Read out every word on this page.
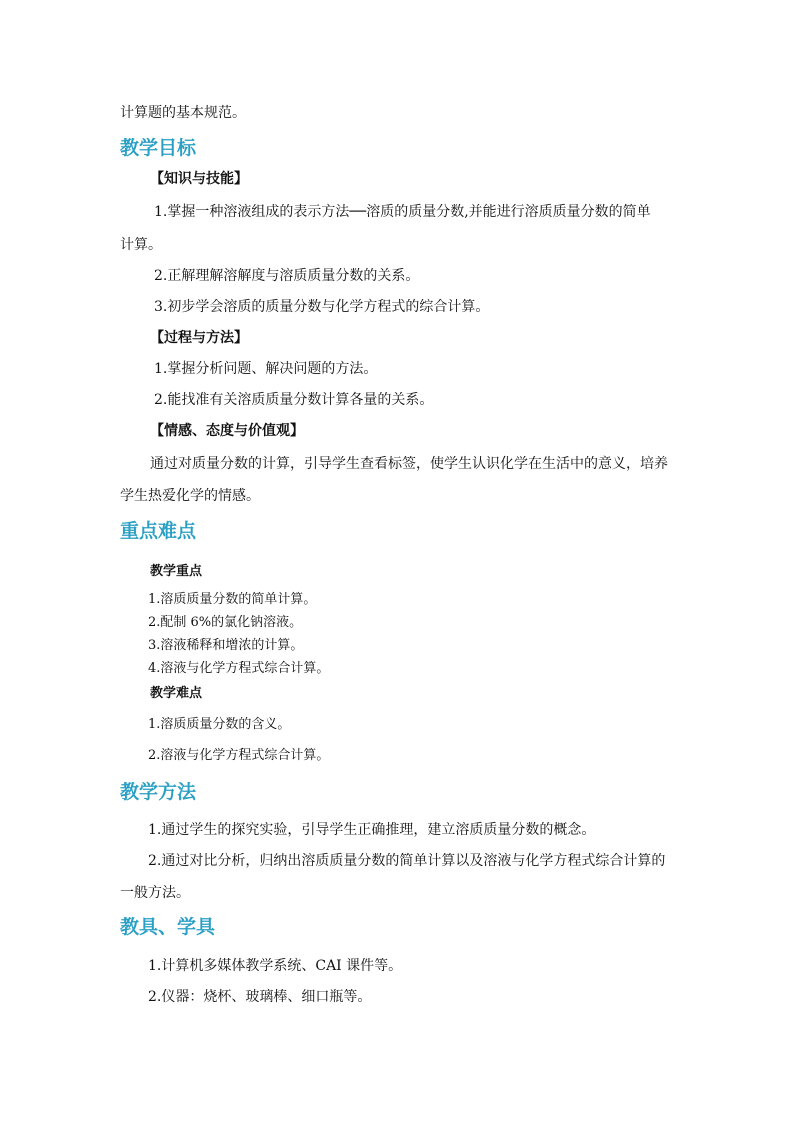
计算题的基本规范。
教学目标
【知识与技能】
1.掌握一种溶液组成的表示方法──溶质的质量分数,并能进行溶质质量分数的简单
计算。
2.正解理解溶解度与溶质质量分数的关系。
3.初步学会溶质的质量分数与化学方程式的综合计算。
【过程与方法】
1.掌握分析问题、解决问题的方法。
2.能找准有关溶质质量分数计算各量的关系。
【情感、态度与价值观】
通过对质量分数的计算，引导学生查看标签，使学生认识化学在生活中的意义，培养
学生热爱化学的情感。
重点难点
教学重点
1.溶质质量分数的简单计算。
2.配制 6%的氯化钠溶液。
3.溶液稀释和增浓的计算。
4.溶液与化学方程式综合计算。
教学难点
1.溶质质量分数的含义。
2.溶液与化学方程式综合计算。
教学方法
1.通过学生的探究实验，引导学生正确推理，建立溶质质量分数的概念。
2.通过对比分析，归纳出溶质质量分数的简单计算以及溶液与化学方程式综合计算的
一般方法。
教具、学具
1.计算机多媒体教学系统、CAI 课件等。
2.仪器：烧杯、玻璃棒、细口瓶等。
